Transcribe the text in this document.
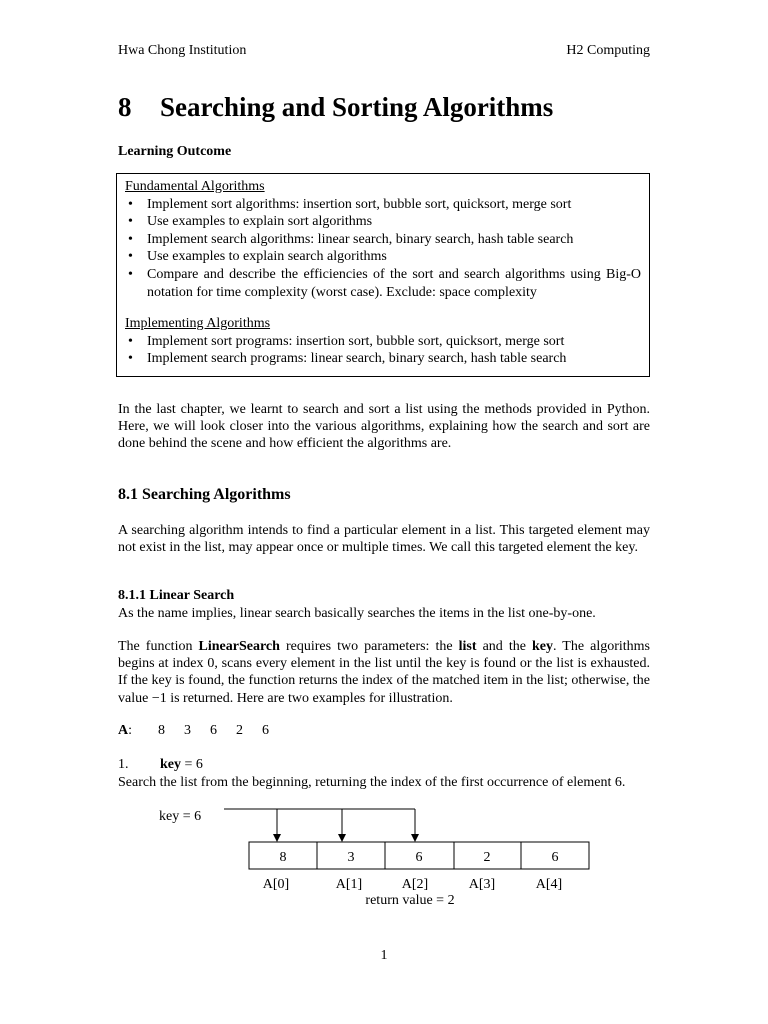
Hwa Chong Institution	H2 Computing
8 Searching and Sorting Algorithms
Learning Outcome
Fundamental Algorithms
• Implement sort algorithms: insertion sort, bubble sort, quicksort, merge sort
• Use examples to explain sort algorithms
• Implement search algorithms: linear search, binary search, hash table search
• Use examples to explain search algorithms
• Compare and describe the efficiencies of the sort and search algorithms using Big-O notation for time complexity (worst case). Exclude: space complexity
Implementing Algorithms
• Implement sort programs: insertion sort, bubble sort, quicksort, merge sort
• Implement search programs: linear search, binary search, hash table search
In the last chapter, we learnt to search and sort a list using the methods provided in Python. Here, we will look closer into the various algorithms, explaining how the search and sort are done behind the scene and how efficient the algorithms are.
8.1 Searching Algorithms
A searching algorithm intends to find a particular element in a list. This targeted element may not exist in the list, may appear once or multiple times. We call this targeted element the key.
8.1.1 Linear Search
As the name implies, linear search basically searches the items in the list one-by-one.
The function LinearSearch requires two parameters: the list and the key. The algorithms begins at index 0, scans every element in the list until the key is found or the list is exhausted. If the key is found, the function returns the index of the matched item in the list; otherwise, the value −1 is returned. Here are two examples for illustration.
A: 8 3 6 2 6
1. key = 6
Search the list from the beginning, returning the index of the first occurrence of element 6.
key = 6
8	3	6	2	6
A[0]	A[1]	A[2]	A[3]	A[4]
return value = 2
1
